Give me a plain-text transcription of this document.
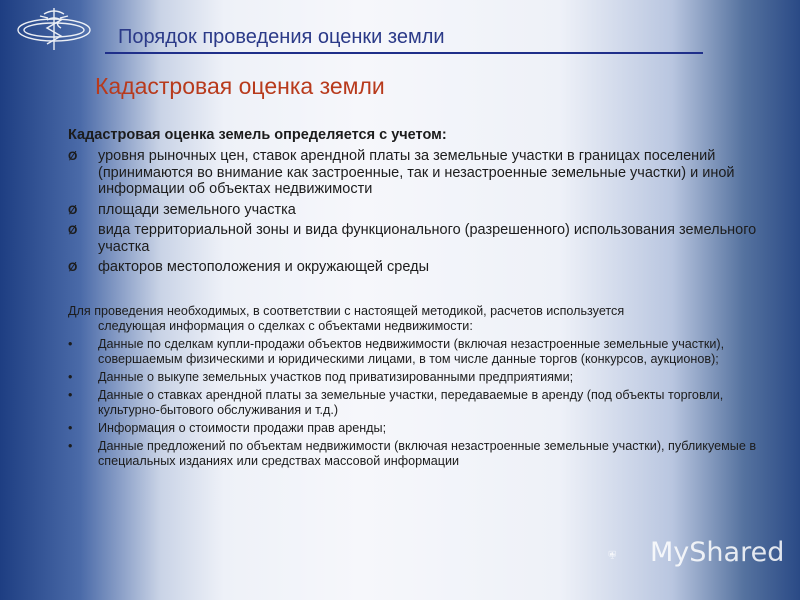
Порядок проведения оценки земли
Кадастровая оценка земли
Кадастровая оценка земель определяется с учетом:
Ø уровня рыночных цен, ставок арендной платы за земельные участки в границах поселений (принимаются во внимание как застроенные, так и незастроенные земельные участки) и иной информации об объектах недвижимости
Ø площади земельного участка
Ø вида территориальной зоны и вида функционального (разрешенного) использования земельного участка
Ø факторов местоположения и окружающей среды
Для проведения необходимых, в соответствии с настоящей методикой, расчетов используется
следующая информация о сделках с объектами недвижимости:
• Данные по сделкам купли-продажи объектов недвижимости (включая незастроенные земельные участки), совершаемым физическими и юридическими лицами, в том числе данные торгов (конкурсов, аукционов);
• Данные о выкупе земельных участков под приватизированными предприятиями;
• Данные о ставках арендной платы за земельные участки, передаваемые в аренду (под объекты торговли, культурно-бытового обслуживания и т.д.)
• Информация о стоимости продажи прав аренды;
• Данные предложений по объектам недвижимости (включая незастроенные земельные участки), публикуемые в специальных изданиях или средствах массовой информации
MyShared
